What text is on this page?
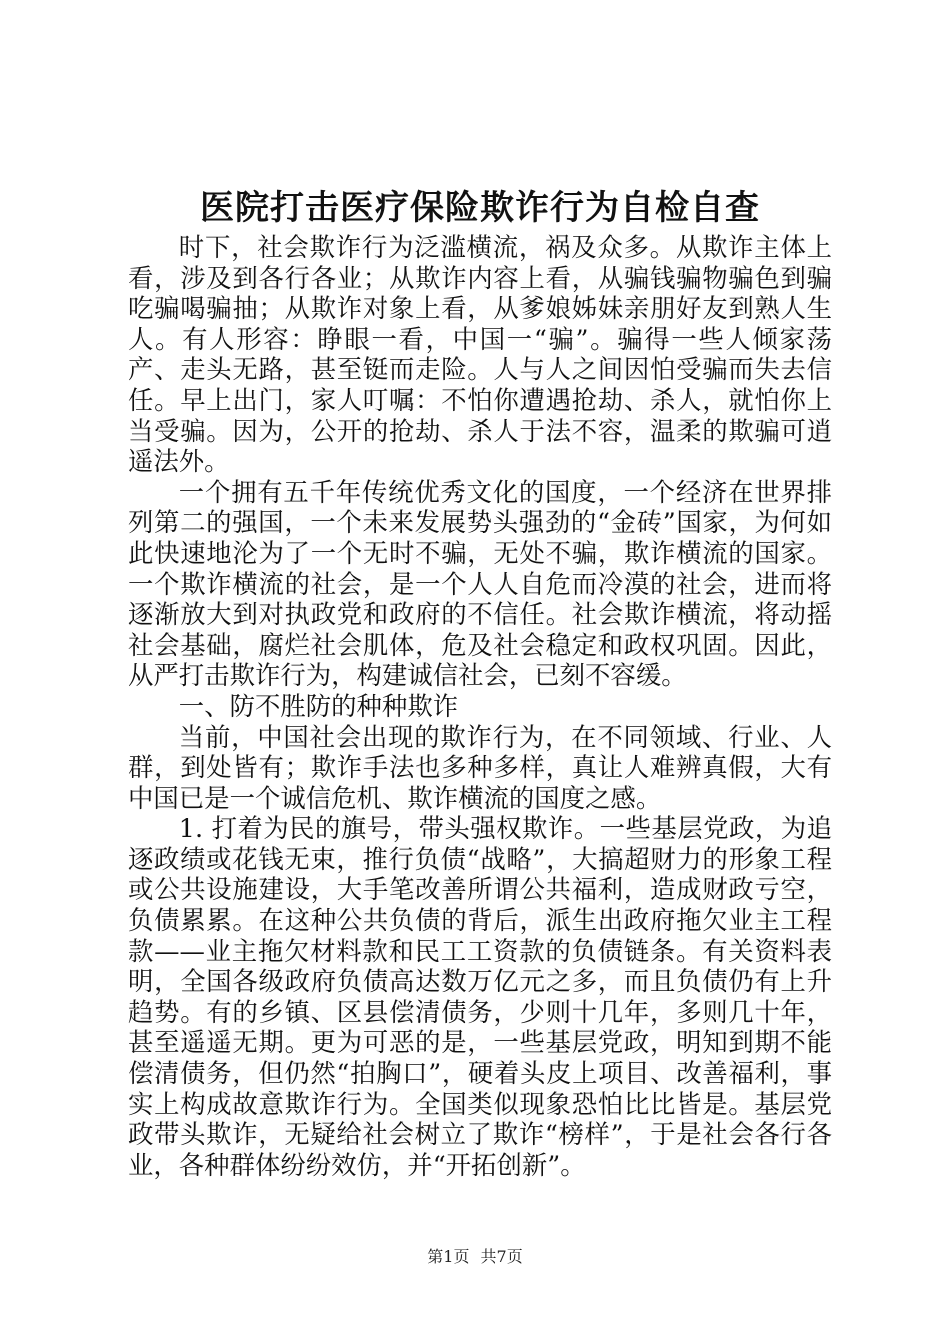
医院打击医疗保险欺诈行为自检自查

时下，社会欺诈行为泛滥横流，祸及众多。从欺诈主体上看，涉及到各行各业；从欺诈内容上看，从骗钱骗物骗色到骗吃骗喝骗抽；从欺诈对象上看，从爹娘姊妹亲朋好友到熟人生人。有人形容：睁眼一看，中国一“骗”。骗得一些人倾家荡产、走头无路，甚至铤而走险。人与人之间因怕受骗而失去信任。早上出门，家人叮嘱：不怕你遭遇抢劫、杀人，就怕你上当受骗。因为，公开的抢劫、杀人于法不容，温柔的欺骗可逍遥法外。

一个拥有五千年传统优秀文化的国度，一个经济在世界排列第二的强国，一个未来发展势头强劲的“金砖”国家，为何如此快速地沦为了一个无时不骗，无处不骗，欺诈横流的国家。一个欺诈横流的社会，是一个人人自危而冷漠的社会，进而将逐渐放大到对执政党和政府的不信任。社会欺诈横流，将动摇社会基础，腐烂社会肌体，危及社会稳定和政权巩固。因此，从严打击欺诈行为，构建诚信社会，已刻不容缓。

一、防不胜防的种种欺诈

当前，中国社会出现的欺诈行为，在不同领域、行业、人群，到处皆有；欺诈手法也多种多样，真让人难辨真假，大有中国已是一个诚信危机、欺诈横流的国度之感。

1. 打着为民的旗号，带头强权欺诈。一些基层党政，为追逐政绩或花钱无束，推行负债“战略”，大搞超财力的形象工程或公共设施建设，大手笔改善所谓公共福利，造成财政亏空，负债累累。在这种公共负债的背后，派生出政府拖欠业主工程款——业主拖欠材料款和民工工资款的负债链条。有关资料表明，全国各级政府负债高达数万亿元之多，而且负债仍有上升趋势。有的乡镇、区县偿清债务，少则十几年，多则几十年，甚至遥遥无期。更为可恶的是，一些基层党政，明知到期不能偿清债务，但仍然“拍胸口”，硬着头皮上项目、改善福利，事实上构成故意欺诈行为。全国类似现象恐怕比比皆是。基层党政带头欺诈，无疑给社会树立了欺诈“榜样”，于是社会各行各业，各种群体纷纷效仿，并“开拓创新”。

第1页 共7页
